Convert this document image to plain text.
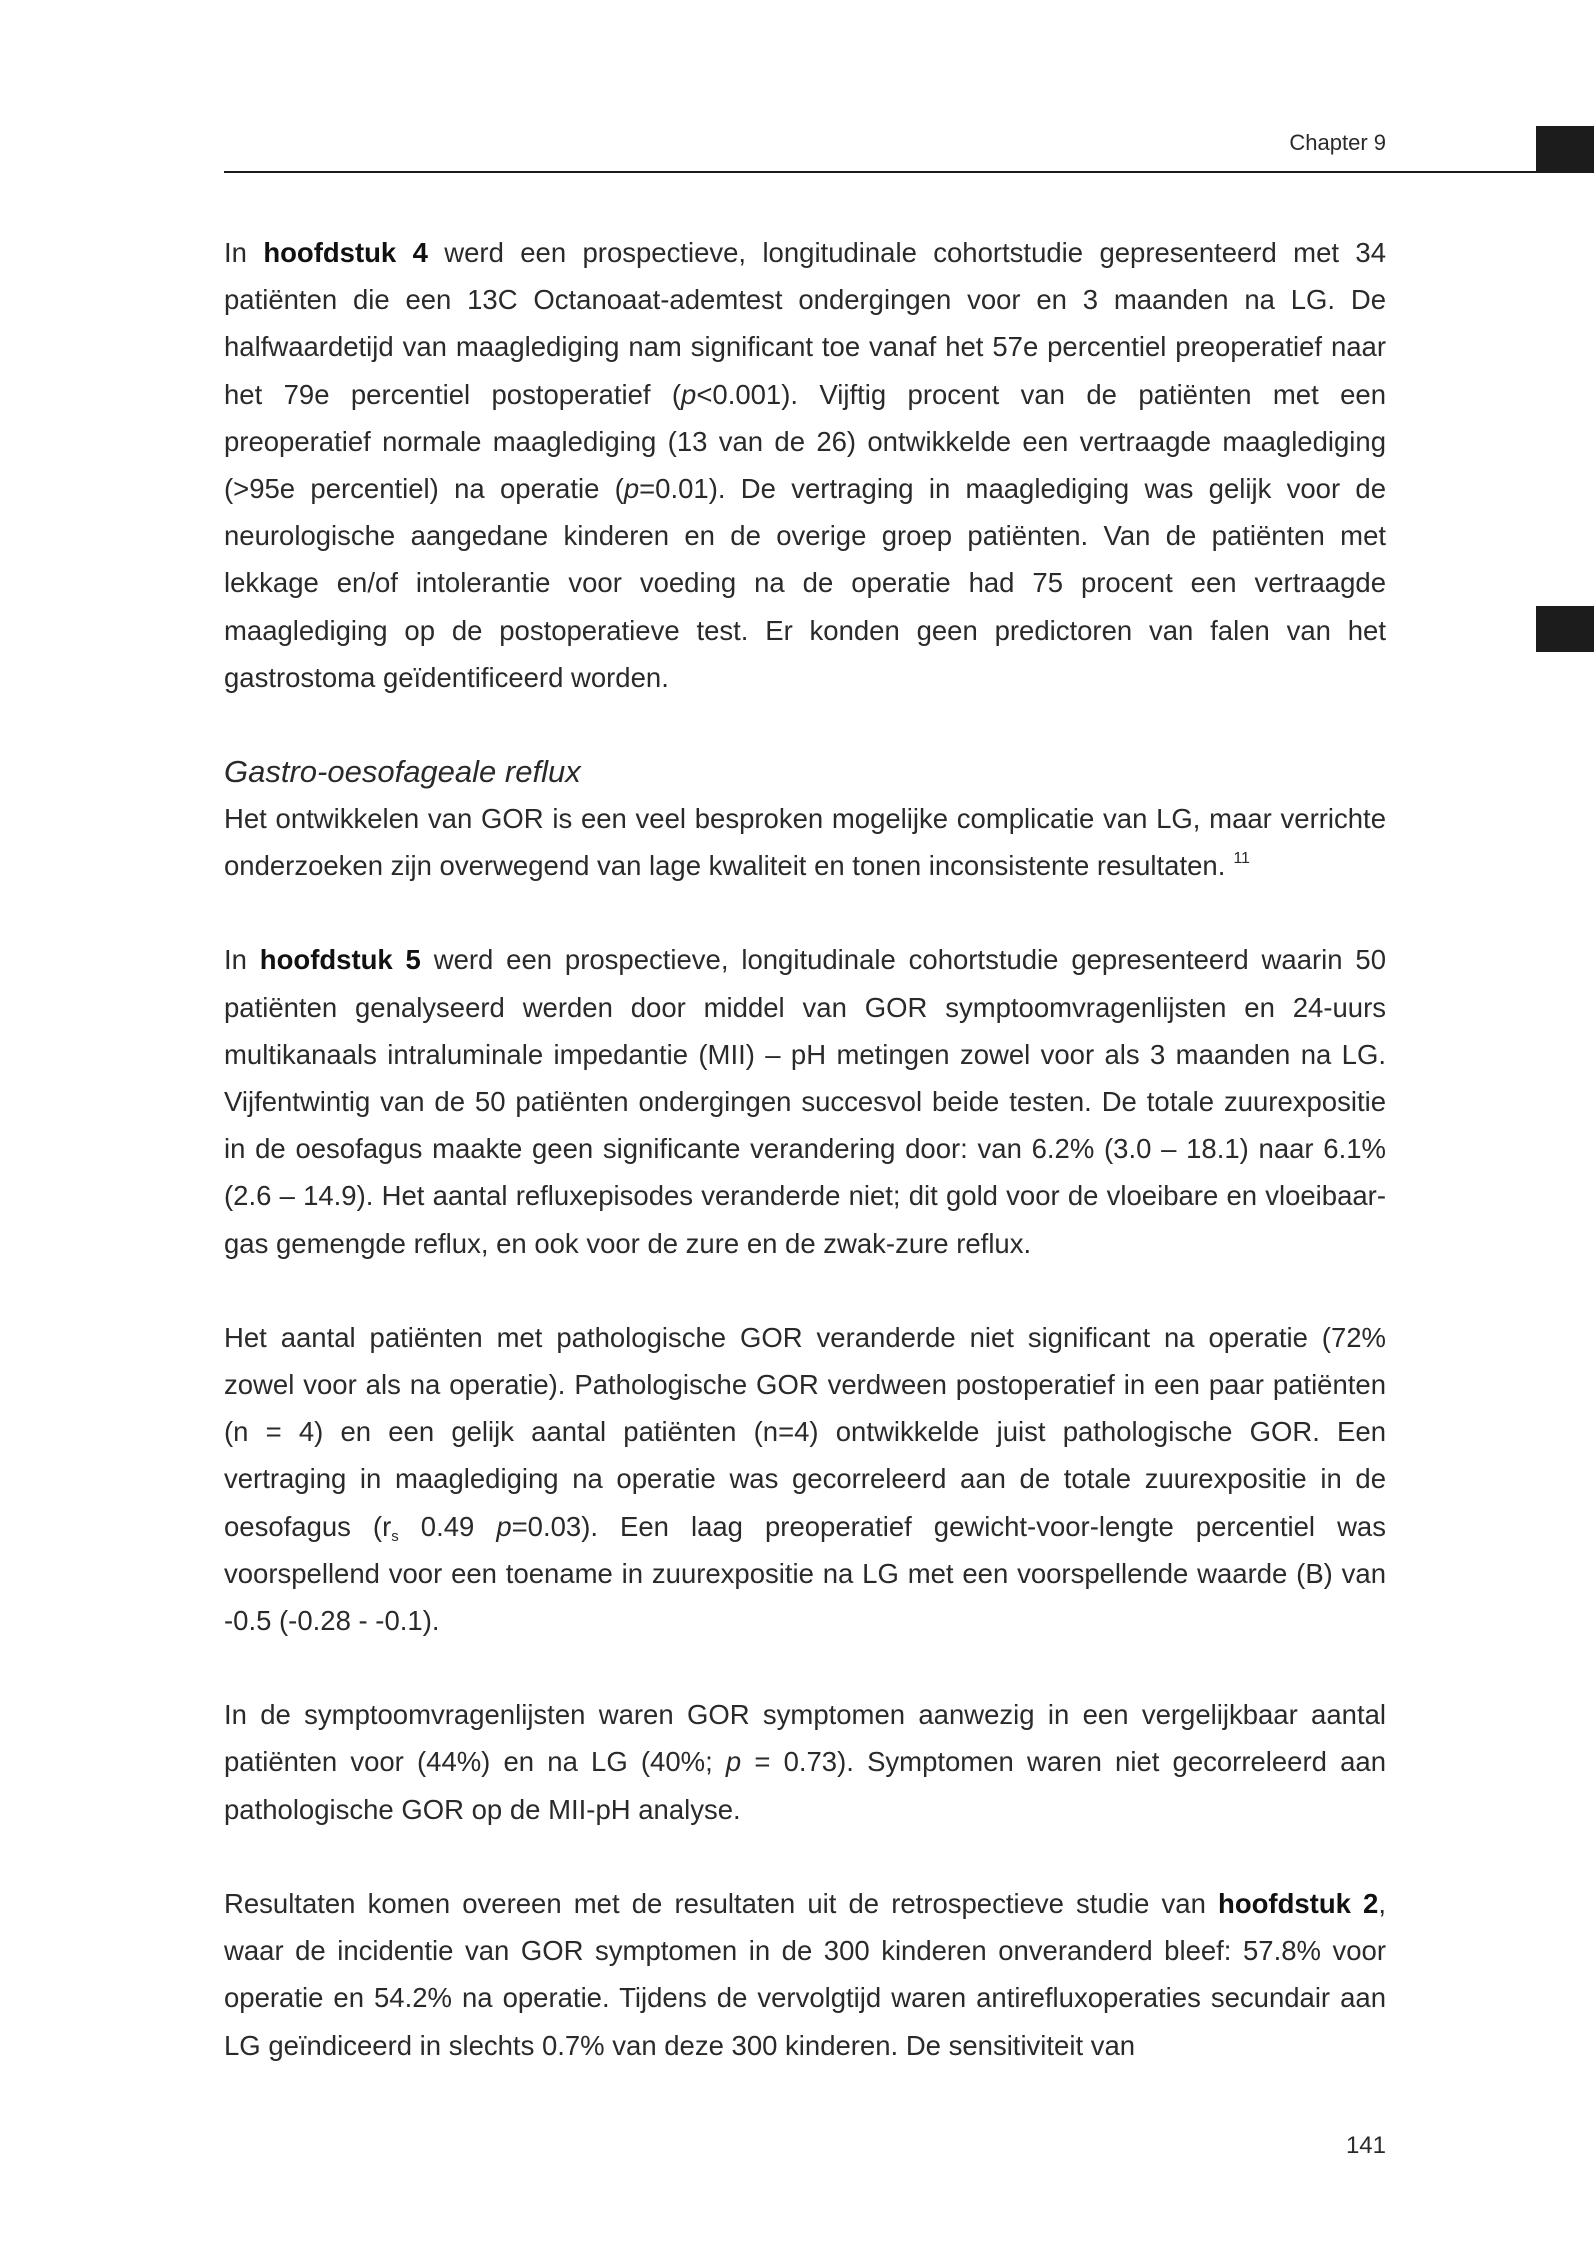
Chapter 9

In hoofdstuk 4 werd een prospectieve, longitudinale cohortstudie gepresenteerd met 34 patiënten die een 13C Octanoaat-ademtest ondergingen voor en 3 maanden na LG. De halfwaardetijd van maaglediging nam significant toe vanaf het 57e percentiel preoperatief naar het 79e percentiel postoperatief (p<0.001). Vijftig procent van de patiënten met een preoperatief normale maaglediging (13 van de 26) ontwikkelde een vertraagde maaglediging (>95e percentiel) na operatie (p=0.01). De vertraging in maaglediging was gelijk voor de neurologische aangedane kinderen en de overige groep patiënten. Van de patiënten met lekkage en/of intolerantie voor voeding na de operatie had 75 procent een vertraagde maaglediging op de postoperatieve test. Er konden geen predictoren van falen van het gastrostoma geïdentificeerd worden.

Gastro-oesofageale reflux

Het ontwikkelen van GOR is een veel besproken mogelijke complicatie van LG, maar verrichte onderzoeken zijn overwegend van lage kwaliteit en tonen inconsistente resultaten. $^{11}$

In hoofdstuk 5 werd een prospectieve, longitudinale cohortstudie gepresenteerd waarin 50 patiënten genalyseerd werden door middel van GOR symptoomvragenlijsten en 24-uurs multikanaals intraluminale impedantie (MII) – pH metingen zowel voor als 3 maanden na LG. Vijfentwintig van de 50 patiënten ondergingen succesvol beide testen. De totale zuurexpositie in de oesofagus maakte geen significante verandering door: van 6.2% (3.0 – 18.1) naar 6.1% (2.6 – 14.9). Het aantal refluxepisodes veranderde niet; dit gold voor de vloeibare en vloeibaar-gas gemengde reflux, en ook voor de zure en de zwak-zure reflux.

Het aantal patiënten met pathologische GOR veranderde niet significant na operatie (72% zowel voor als na operatie). Pathologische GOR verdween postoperatief in een paar patiënten (n = 4) en een gelijk aantal patiënten (n=4) ontwikkelde juist pathologische GOR. Een vertraging in maaglediging na operatie was gecorreleerd aan de totale zuurexpositie in de oesofagus ($r_s$ 0.49 p=0.03). Een laag preoperatief gewicht-voor-lengte percentiel was voorspellend voor een toename in zuurexpositie na LG met een voorspellende waarde (B) van -0.5 (-0.28 - -0.1).

In de symptoomvragenlijsten waren GOR symptomen aanwezig in een vergelijkbaar aantal patiënten voor (44%) en na LG (40%; p = 0.73). Symptomen waren niet gecorreleerd aan pathologische GOR op de MII-pH analyse.

Resultaten komen overeen met de resultaten uit de retrospectieve studie van hoofdstuk 2, waar de incidentie van GOR symptomen in de 300 kinderen onveranderd bleef: 57.8% voor operatie en 54.2% na operatie. Tijdens de vervolgtijd waren antirefluxoperaties secundair aan LG geïndiceerd in slechts 0.7% van deze 300 kinderen. De sensitiviteit van

141
